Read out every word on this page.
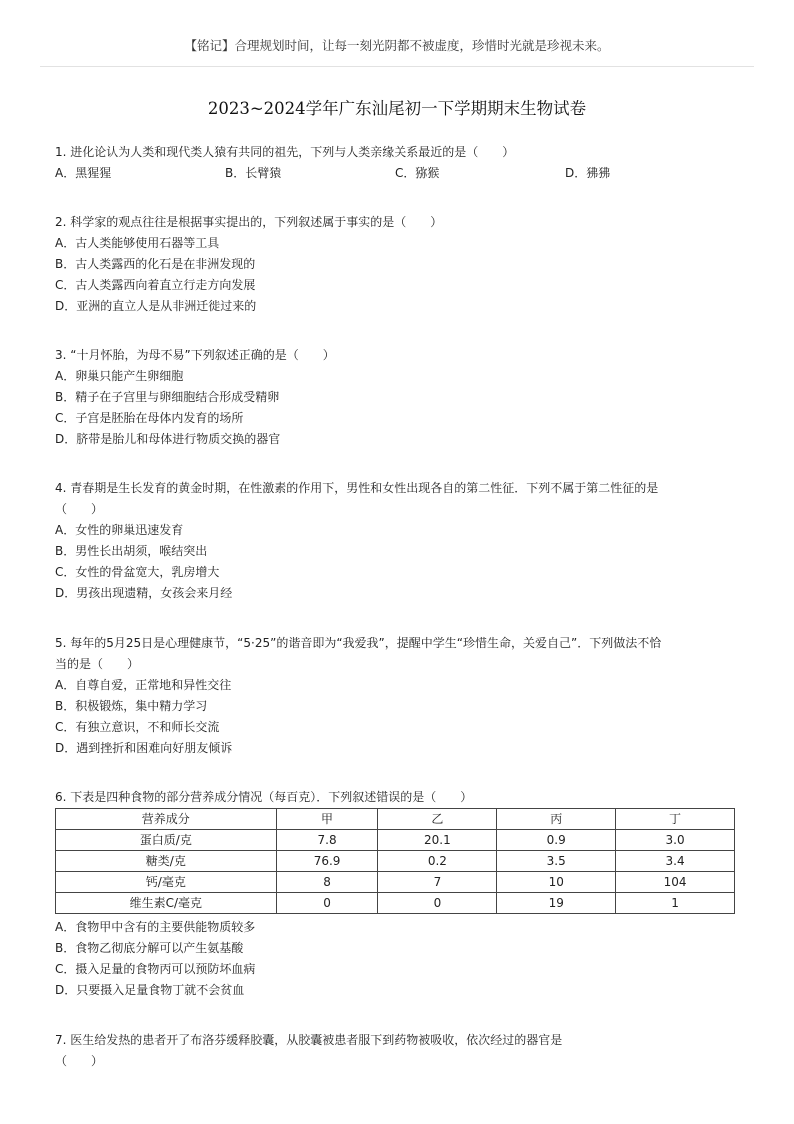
【铭记】合理规划时间，让每一刻光阴都不被虚度，珍惜时光就是珍视未来。
2023~2024学年广东汕尾初一下学期期末生物试卷
1. 进化论认为人类和现代类人猿有共同的祖先，下列与人类亲缘关系最近的是（　　）
A．黑猩猩	B．长臂猿	C．猕猴	D．狒狒
2. 科学家的观点往往是根据事实提出的，下列叙述属于事实的是（　　）
A．古人类能够使用石器等工具
B．古人类露西的化石是在非洲发现的
C．古人类露西向着直立行走方向发展
D．亚洲的直立人是从非洲迁徙过来的
3. “十月怀胎，为母不易”下列叙述正确的是（　　）
A．卵巢只能产生卵细胞
B．精子在子宫里与卵细胞结合形成受精卵
C．子宫是胚胎在母体内发育的场所
D．脐带是胎儿和母体进行物质交换的器官
4. 青春期是生长发育的黄金时期，在性激素的作用下，男性和女性出现各自的第二性征．下列不属于第二性征的是
（　　）
A．女性的卵巢迅速发育
B．男性长出胡须，喉结突出
C．女性的骨盆宽大，乳房增大
D．男孩出现遗精，女孩会来月经
5. 每年的5月25日是心理健康节，“5·25”的谐音即为“我爱我”，提醒中学生“珍惜生命，关爱自己”．下列做法不恰
当的是（　　）
A．自尊自爱，正常地和异性交往
B．积极锻炼，集中精力学习
C．有独立意识，不和师长交流
D．遇到挫折和困难向好朋友倾诉
6. 下表是四种食物的部分营养成分情况（每百克）．下列叙述错误的是（　　）
营养成分	甲	乙	丙	丁
蛋白质/克	7.8	20.1	0.9	3.0
糖类/克	76.9	0.2	3.5	3.4
钙/毫克	8	7	10	104
维生素C/毫克	0	0	19	1
A．食物甲中含有的主要供能物质较多
B．食物乙彻底分解可以产生氨基酸
C．摄入足量的食物丙可以预防坏血病
D．只要摄入足量食物丁就不会贫血
7. 医生给发热的患者开了布洛芬缓释胶囊，从胶囊被患者服下到药物被吸收，依次经过的器官是
（　　）
